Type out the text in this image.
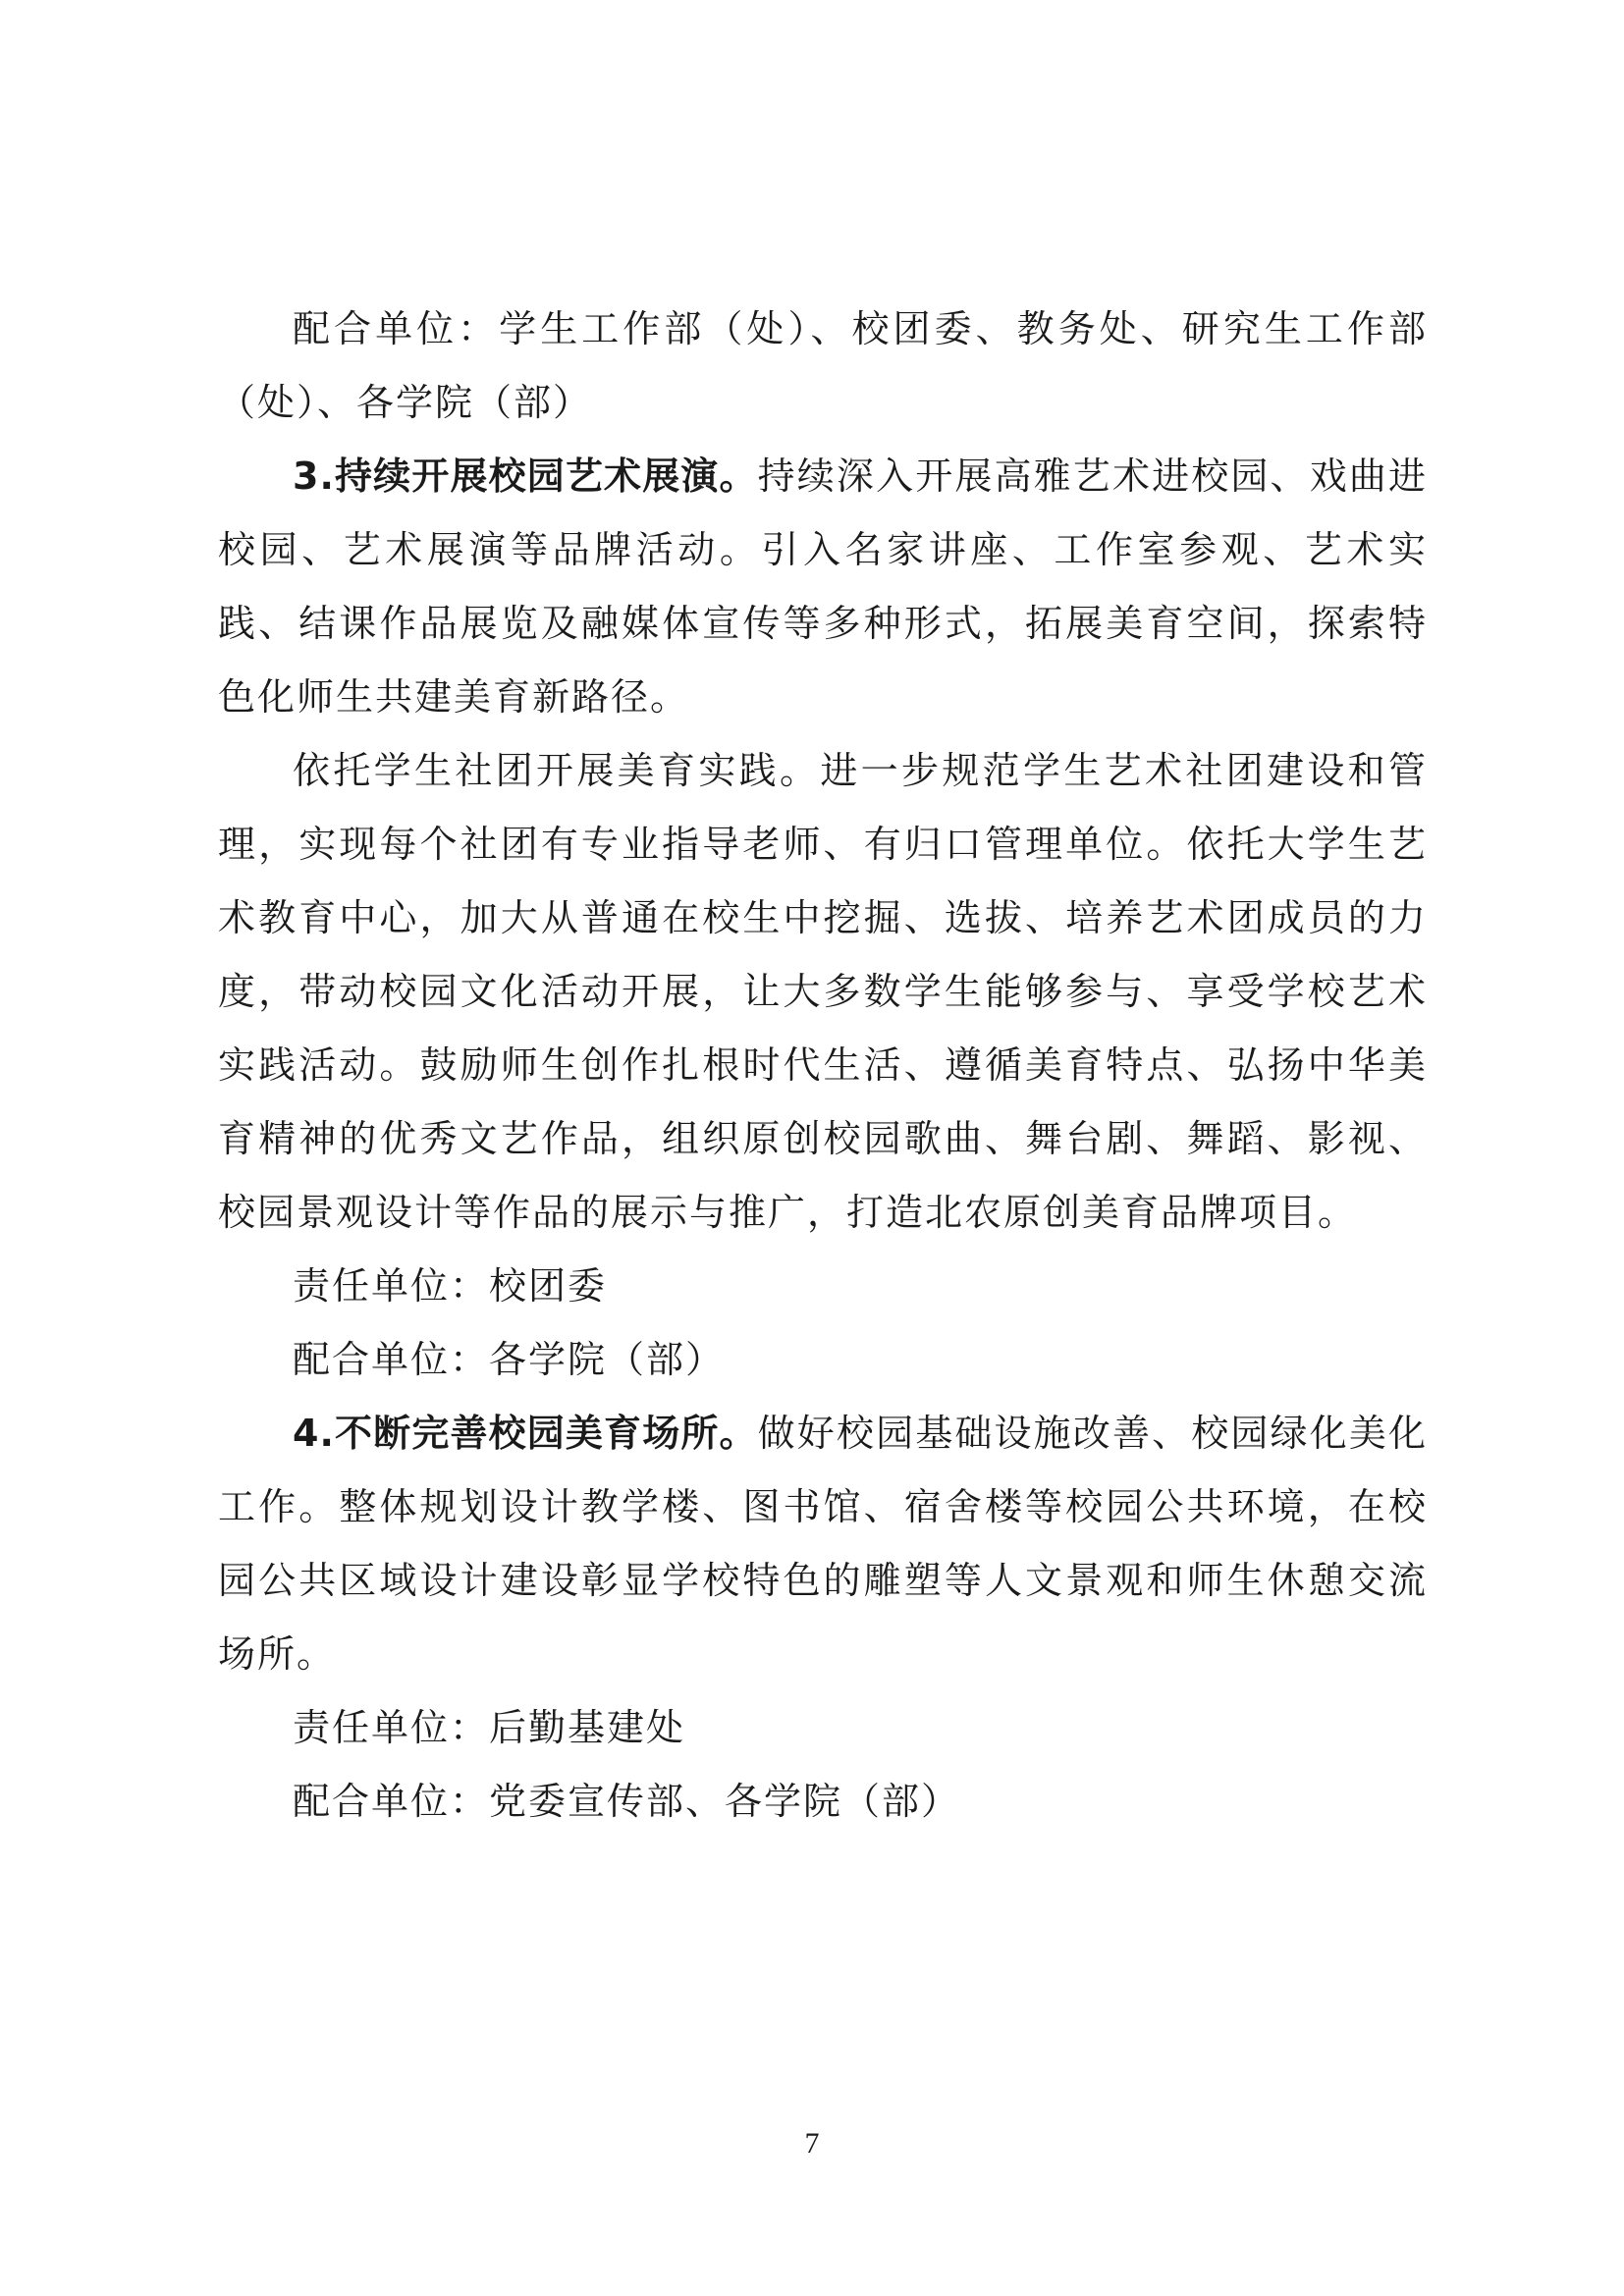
配合单位：学生工作部（处）、校团委、教务处、研究生工作部（处）、各学院（部）

3.持续开展校园艺术展演。持续深入开展高雅艺术进校园、戏曲进校园、艺术展演等品牌活动。引入名家讲座、工作室参观、艺术实践、结课作品展览及融媒体宣传等多种形式，拓展美育空间，探索特色化师生共建美育新路径。

依托学生社团开展美育实践。进一步规范学生艺术社团建设和管理，实现每个社团有专业指导老师、有归口管理单位。依托大学生艺术教育中心，加大从普通在校生中挖掘、选拔、培养艺术团成员的力度，带动校园文化活动开展，让大多数学生能够参与、享受学校艺术实践活动。鼓励师生创作扎根时代生活、遵循美育特点、弘扬中华美育精神的优秀文艺作品，组织原创校园歌曲、舞台剧、舞蹈、影视、校园景观设计等作品的展示与推广，打造北农原创美育品牌项目。

责任单位：校团委

配合单位：各学院（部）

4.不断完善校园美育场所。做好校园基础设施改善、校园绿化美化工作。整体规划设计教学楼、图书馆、宿舍楼等校园公共环境，在校园公共区域设计建设彰显学校特色的雕塑等人文景观和师生休憩交流场所。

责任单位：后勤基建处

配合单位：党委宣传部、各学院（部）

7
